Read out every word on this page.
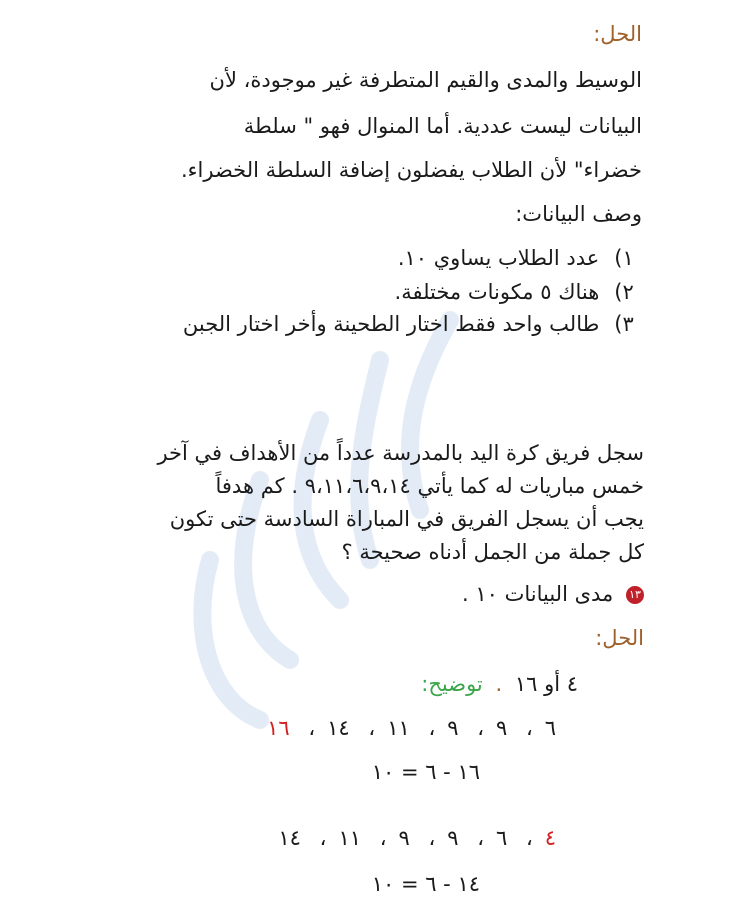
الحل:
الوسيط والمدى والقيم المتطرفة غير موجودة، لأن
البيانات ليست عددية. أما المنوال فهو " سلطة
خضراء" لأن الطلاب يفضلون إضافة السلطة الخضراء.
وصف البيانات:
١) عدد الطلاب يساوي ١٠.
٢) هناك ٥ مكونات مختلفة.
٣) طالب واحد فقط اختار الطحينة وأخر اختار الجبن
سجل فريق كرة اليد بالمدرسة عدداً من الأهداف في آخر
خمس مباريات له كما يأتي ٩،١١،٦،٩،١٤ . كم هدفاً
يجب أن يسجل الفريق في المباراة السادسة حتى تكون
كل جملة من الجمل أدناه صحيحة ؟
١٣ مدى البيانات ١٠ .
الحل:
٤ أو ١٦ . توضيح:
٦، ٩، ٩، ١١، ١٤، ١٦
١٦ - ٦ = ١٠
٤، ٦، ٩، ٩، ١١، ١٤
١٤ - ٦ = ١٠
